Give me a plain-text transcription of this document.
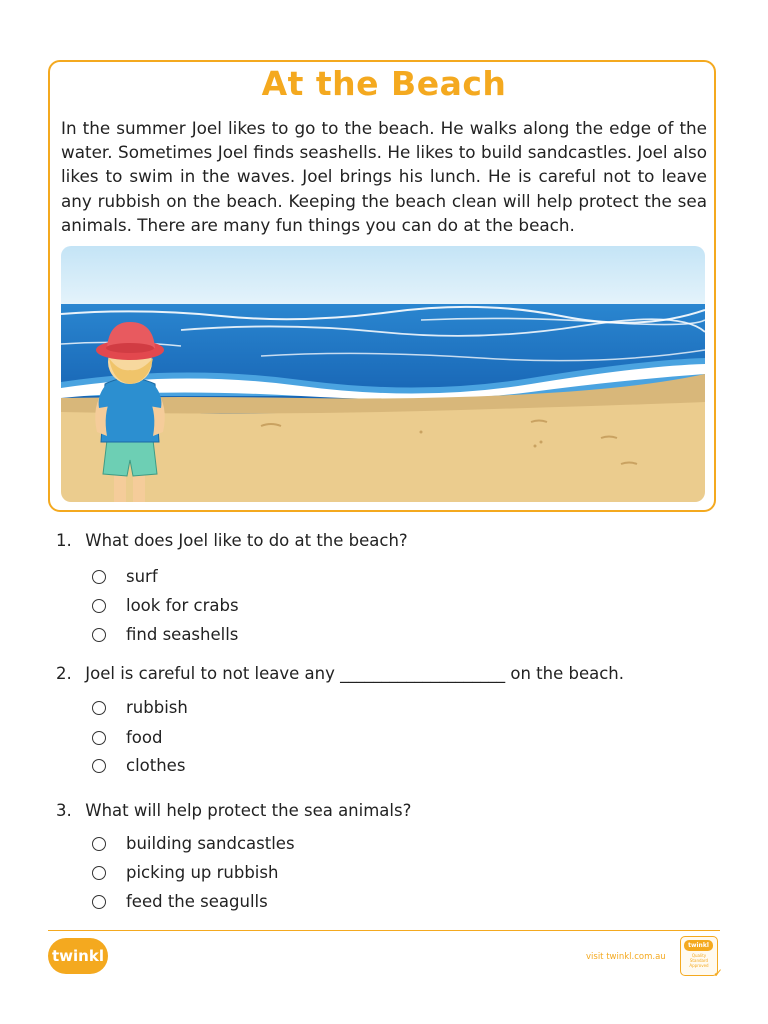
At the Beach
In the summer Joel likes to go to the beach. He walks along the edge of the water. Sometimes Joel finds seashells. He likes to build sandcastles. Joel also likes to swim in the waves. Joel brings his lunch. He is careful not to leave any rubbish on the beach. Keeping the beach clean will help protect the sea animals. There are many fun things you can do at the beach.
1. What does Joel like to do at the beach?
surf
look for crabs
find seashells
2. Joel is careful to not leave any ____________________ on the beach.
rubbish
food
clothes
3. What will help protect the sea animals?
building sandcastles
picking up rubbish
feed the seagulls
twinkl	visit twinkl.com.au
twinkl
Quality Standard Approved
✓
